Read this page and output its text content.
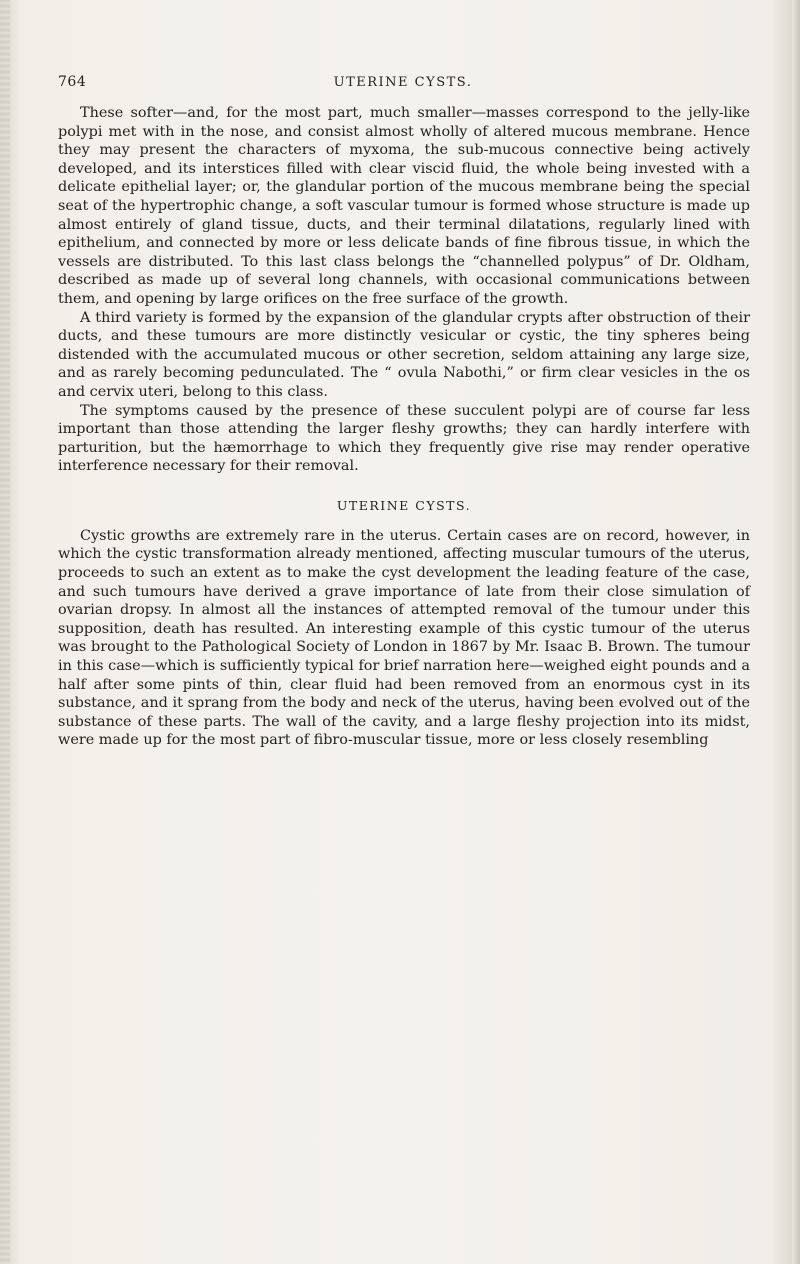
764	UTERINE CYSTS.

These softer—and, for the most part, much smaller—masses correspond to the jelly-like polypi met with in the nose, and consist almost wholly of altered mucous membrane. Hence they may present the characters of myxoma, the sub-mucous connective being actively developed, and its interstices filled with clear viscid fluid, the whole being invested with a delicate epithelial layer; or, the glandular portion of the mucous membrane being the special seat of the hypertrophic change, a soft vascular tumour is formed whose structure is made up almost entirely of gland tissue, ducts, and their terminal dilatations, regularly lined with epithelium, and connected by more or less delicate bands of fine fibrous tissue, in which the vessels are distributed. To this last class belongs the “channelled polypus” of Dr. Oldham, described as made up of several long channels, with occasional communications between them, and opening by large orifices on the free surface of the growth.

A third variety is formed by the expansion of the glandular crypts after obstruction of their ducts, and these tumours are more distinctly vesicular or cystic, the tiny spheres being distended with the accumulated mucous or other secretion, seldom attaining any large size, and as rarely becoming pedunculated. The “ ovula Nabothi,” or firm clear vesicles in the os and cervix uteri, belong to this class.

The symptoms caused by the presence of these succulent polypi are of course far less important than those attending the larger fleshy growths; they can hardly interfere with parturition, but the hæmorrhage to which they frequently give rise may render operative interference necessary for their removal.

UTERINE CYSTS.

Cystic growths are extremely rare in the uterus. Certain cases are on record, however, in which the cystic transformation already mentioned, affecting muscular tumours of the uterus, proceeds to such an extent as to make the cyst development the leading feature of the case, and such tumours have derived a grave importance of late from their close simulation of ovarian dropsy. In almost all the instances of attempted removal of the tumour under this supposition, death has resulted. An interesting example of this cystic tumour of the uterus was brought to the Pathological Society of London in 1867 by Mr. Isaac B. Brown. The tumour in this case—which is sufficiently typical for brief narration here—weighed eight pounds and a half after some pints of thin, clear fluid had been removed from an enormous cyst in its substance, and it sprang from the body and neck of the uterus, having been evolved out of the substance of these parts. The wall of the cavity, and a large fleshy projection into its midst, were made up for the most part of fibro-muscular tissue, more or less closely resembling
